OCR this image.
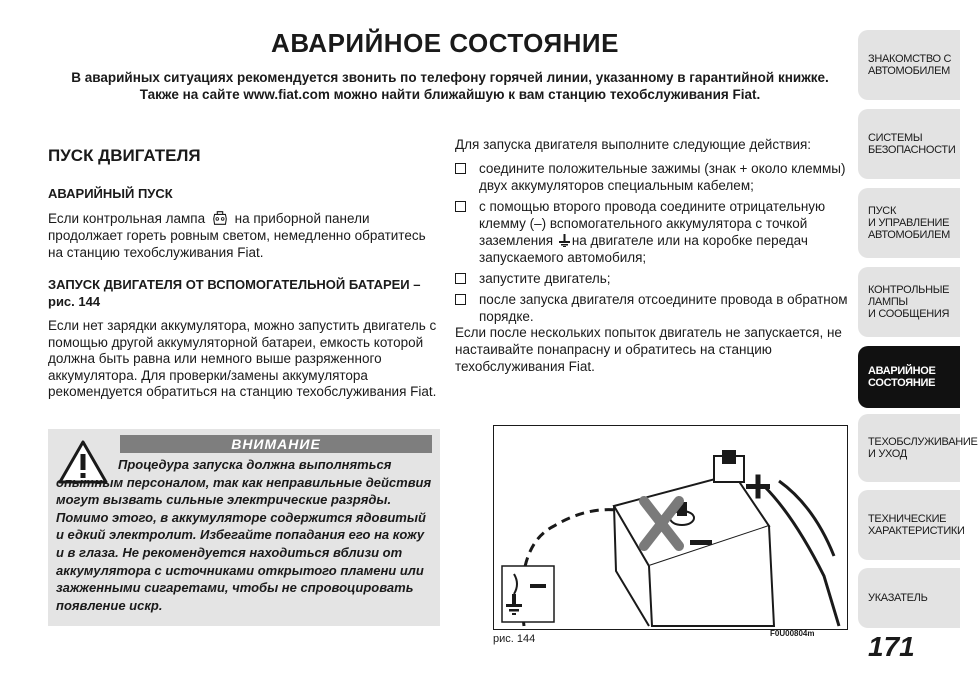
АВАРИЙНОЕ СОСТОЯНИЕ
В аварийных ситуациях рекомендуется звонить по телефону горячей линии, указанному в гарантийной книжке. Также на сайте www.fiat.com можно найти ближайшую к вам станцию техобслуживания Fiat.
ПУСК ДВИГАТЕЛЯ
АВАРИЙНЫЙ ПУСК
Если контрольная лампа на приборной панели продолжает гореть ровным светом, немедленно обратитесь на станцию техобслуживания Fiat.
ЗАПУСК ДВИГАТЕЛЯ ОТ ВСПОМОГАТЕЛЬНОЙ БАТАРЕИ – рис. 144
Если нет зарядки аккумулятора, можно запустить двигатель с помощью другой аккумуляторной батареи, емкость которой должна быть равна или немного выше разряженного аккумулятора. Для проверки/замены аккумулятора рекомендуется обратиться на станцию техобслуживания Fiat.
ВНИМАНИЕ
Процедура запуска должна выполняться опытным персоналом, так как неправильные действия могут вызвать сильные электрические разряды. Помимо этого, в аккумуляторе содержится ядовитый и едкий электролит. Избегайте попадания его на кожу и в глаза. Не рекомендуется находиться вблизи от аккумулятора с источниками открытого пламени или зажженными сигаретами, чтобы не спровоцировать появление искр.
Для запуска двигателя выполните следующие действия:
соедините положительные зажимы (знак + около клеммы) двух аккумуляторов специальным кабелем;
с помощью второго провода соедините отрицательную клемму (–) вспомогательного аккумулятора с точкой заземления на двигателе или на коробке передач запускаемого автомобиля;
запустите двигатель;
после запуска двигателя отсоедините провода в обратном порядке.
Если после нескольких попыток двигатель не запускается, не настаивайте понапрасну и обратитесь на станцию техобслуживания Fiat.
рис. 144	F0U00804m 171
ЗНАКОМСТВО С
АВТОМОБИЛЕМ
СИСТЕМЫ
БЕЗОПАСНОСТИ
ПУСК
И УПРАВЛЕНИЕ
АВТОМОБИЛЕМ
КОНТРОЛЬНЫЕ
ЛАМПЫ
И СООБЩЕНИЯ
АВАРИЙНОЕ
СОСТОЯНИЕ
ТЕХОБСЛУЖИВАНИЕ
И УХОД
ТЕХНИЧЕСКИЕ
ХАРАКТЕРИСТИКИ
УКАЗАТЕЛЬ
